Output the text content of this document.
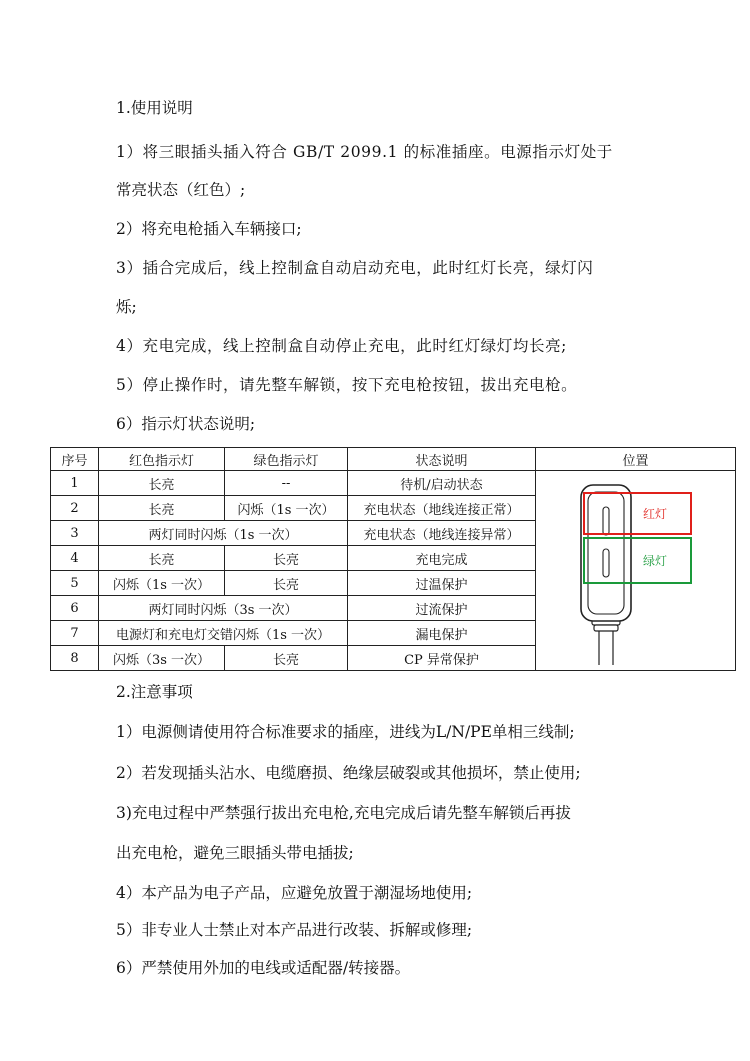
1.使用说明
1）将三眼插头插入符合 GB/T 2099.1 的标准插座。电源指示灯处于
常亮状态（红色）;
2）将充电枪插入车辆接口;
3）插合完成后，线上控制盒自动启动充电，此时红灯长亮，绿灯闪
烁;
4）充电完成，线上控制盒自动停止充电，此时红灯绿灯均长亮;
5）停止操作时，请先整车解锁，按下充电枪按钮，拔出充电枪。
6）指示灯状态说明;
序号	红色指示灯	绿色指示灯	状态说明	位置
1	长亮	--	待机/启动状态	红灯
绿灯

2	长亮	闪烁（1s 一次）	充电状态（地线连接正常）	
3	两灯同时闪烁（1s 一次）		充电状态（地线连接异常）	
4	长亮	长亮	充电完成	
5	闪烁（1s 一次）	长亮	过温保护	
6	两灯同时闪烁（3s 一次）		过流保护	
7	电源灯和充电灯交错闪烁（1s 一次）		漏电保护	
8	闪烁（3s 一次）	长亮	CP 异常保护	
2.注意事项
1）电源侧请使用符合标准要求的插座，进线为L/N/PE单相三线制;
2）若发现插头沾水、电缆磨损、绝缘层破裂或其他损坏，禁止使用;
3)充电过程中严禁强行拔出充电枪,充电完成后请先整车解锁后再拔
出充电枪，避免三眼插头带电插拔;
4）本产品为电子产品，应避免放置于潮湿场地使用;
5）非专业人士禁止对本产品进行改装、拆解或修理;
6）严禁使用外加的电线或适配器/转接器。
